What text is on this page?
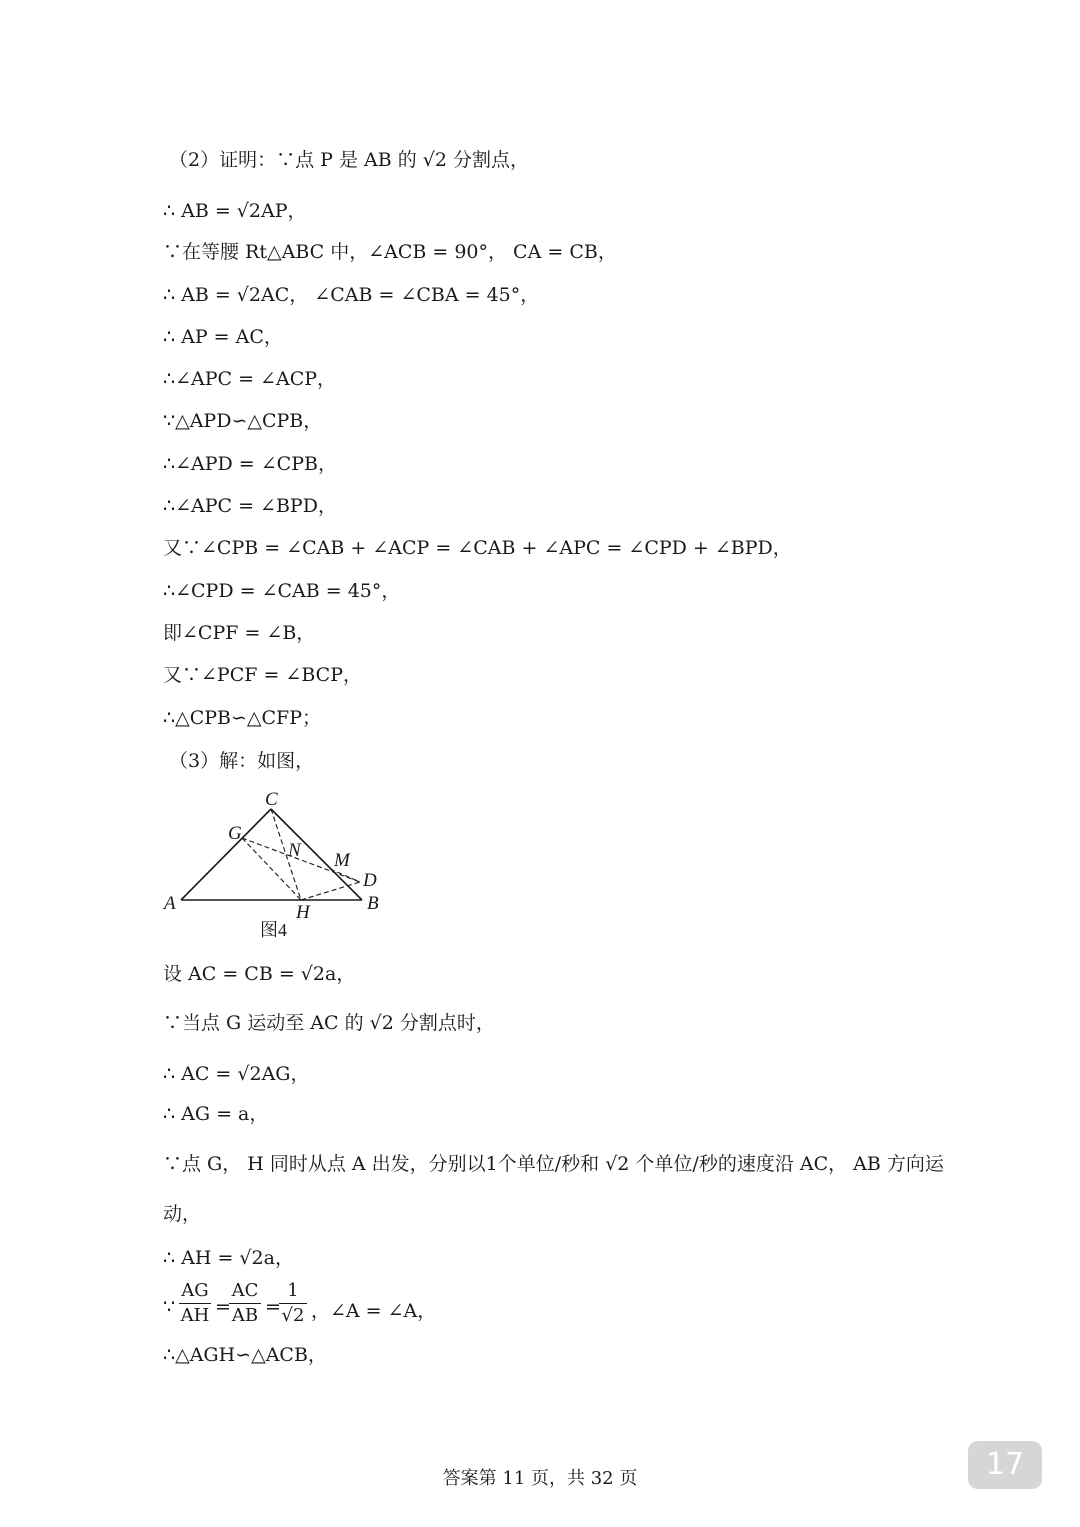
（2）证明：∵点 P 是 AB 的 √2 分割点，
∴ AB = √2AP，
∵在等腰 Rt△ABC 中，∠ACB = 90°， CA = CB，
∴ AB = √2AC， ∠CAB = ∠CBA = 45°，
∴ AP = AC，
∴∠APC = ∠ACP，
∵△APD∽△CPB，
∴∠APD = ∠CPB，
∴∠APC = ∠BPD，
又∵∠CPB = ∠CAB + ∠ACP = ∠CAB + ∠APC = ∠CPD + ∠BPD，
∴∠CPD = ∠CAB = 45°，
即∠CPF = ∠B，
又∵∠PCF = ∠BCP，
∴△CPB∽△CFP；
（3）解：如图，
C
G
N M
D
A	H	B
图4
设 AC = CB = √2a，
∵当点 G 运动至 AC 的 √2 分割点时，
∴ AC = √2AG，
∴ AG = a，
∵点 G， H 同时从点 A 出发，分别以1个单位/秒和 √2 个单位/秒的速度沿 AC， AB 方向运
动，
∴ AH = √2a，
∵ $\frac{AG}{AH}$ =
$\frac{AC}{AB}$ =
$\frac{1}{√2}$ ，∠A = ∠A，
∴△AGH∽△ACB，
答案第 11 页，共 32 页	17
